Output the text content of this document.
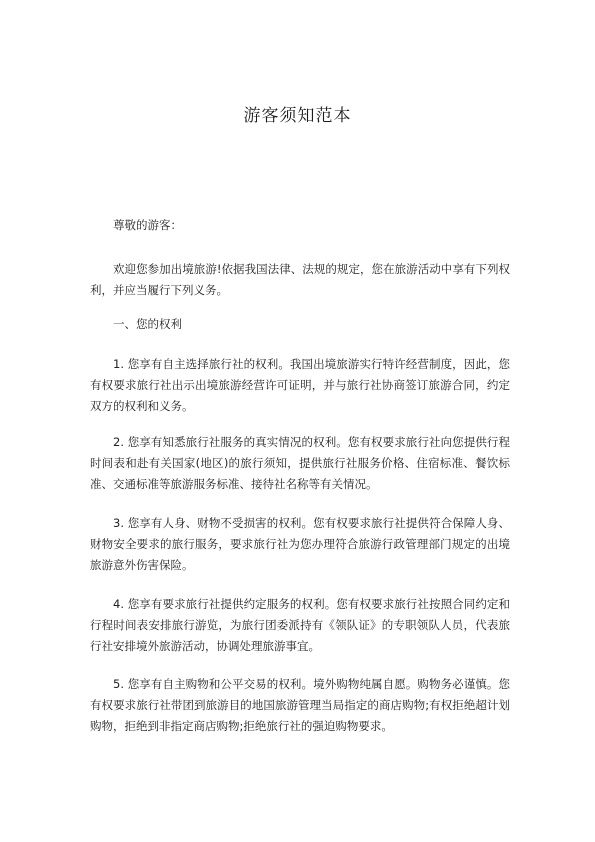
游客须知范本

尊敬的游客：

欢迎您参加出境旅游!依据我国法律、法规的规定，您在旅游活动中享有下列权利，并应当履行下列义务。

一、您的权利

1. 您享有自主选择旅行社的权利。我国出境旅游实行特许经营制度，因此，您有权要求旅行社出示出境旅游经营许可证明，并与旅行社协商签订旅游合同，约定双方的权利和义务。

2. 您享有知悉旅行社服务的真实情况的权利。您有权要求旅行社向您提供行程时间表和赴有关国家(地区)的旅行须知，提供旅行社服务价格、住宿标准、餐饮标准、交通标准等旅游服务标准、接待社名称等有关情况。

3. 您享有人身、财物不受损害的权利。您有权要求旅行社提供符合保障人身、财物安全要求的旅行服务，要求旅行社为您办理符合旅游行政管理部门规定的出境旅游意外伤害保险。

4. 您享有要求旅行社提供约定服务的权利。您有权要求旅行社按照合同约定和行程时间表安排旅行游览，为旅行团委派持有《领队证》的专职领队人员，代表旅行社安排境外旅游活动，协调处理旅游事宜。

5. 您享有自主购物和公平交易的权利。境外购物纯属自愿。购物务必谨慎。您有权要求旅行社带团到旅游目的地国旅游管理当局指定的商店购物;有权拒绝超计划购物，拒绝到非指定商店购物;拒绝旅行社的强迫购物要求。
